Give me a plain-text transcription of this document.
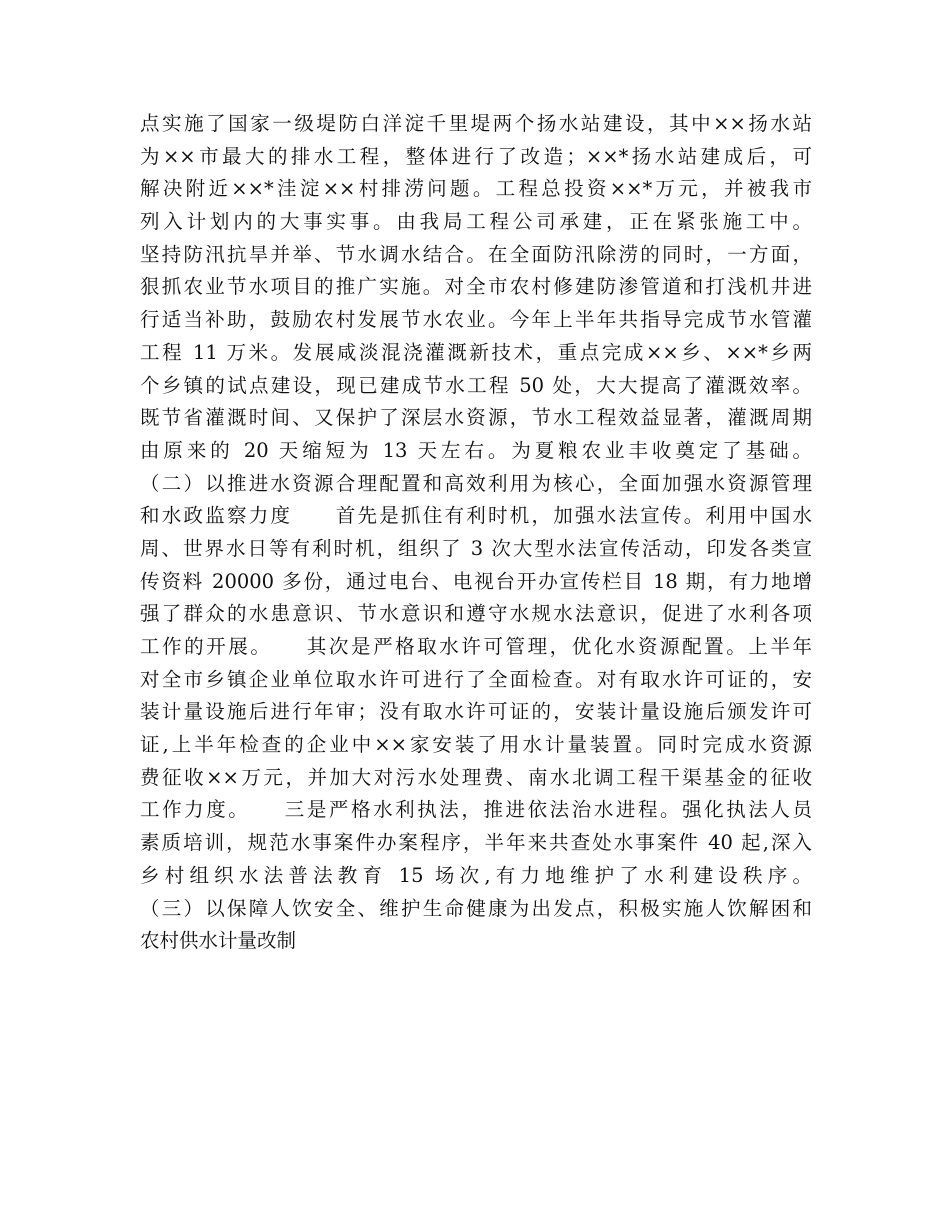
点实施了国家一级堤防白洋淀千里堤两个扬水站建设，其中××扬水站
为××市最大的排水工程，整体进行了改造；××*扬水站建成后，可
解决附近××*洼淀××村排涝问题。工程总投资××*万元，并被我市
列入计划内的大事实事。由我局工程公司承建，正在紧张施工中。
坚持防汛抗旱并举、节水调水结合。在全面防汛除涝的同时，一方面，
狠抓农业节水项目的推广实施。对全市农村修建防渗管道和打浅机井进
行适当补助，鼓励农村发展节水农业。今年上半年共指导完成节水管灌
工程 11 万米。发展咸淡混浇灌溉新技术，重点完成××乡、××*乡两
个乡镇的试点建设，现已建成节水工程 50 处，大大提高了灌溉效率。
既节省灌溉时间、又保护了深层水资源，节水工程效益显著，灌溉周期
由原来的 20 天缩短为 13 天左右。为夏粮农业丰收奠定了基础。
（二）以推进水资源合理配置和高效利用为核心，全面加强水资源管理
和水政监察力度　　首先是抓住有利时机，加强水法宣传。利用中国水
周、世界水日等有利时机，组织了 3 次大型水法宣传活动，印发各类宣
传资料 20000 多份，通过电台、电视台开办宣传栏目 18 期，有力地增
强了群众的水患意识、节水意识和遵守水规水法意识，促进了水利各项
工作的开展。　　其次是严格取水许可管理，优化水资源配置。上半年
对全市乡镇企业单位取水许可进行了全面检查。对有取水许可证的，安
装计量设施后进行年审；没有取水许可证的，安装计量设施后颁发许可
证,上半年检查的企业中××家安装了用水计量装置。同时完成水资源
费征收××万元，并加大对污水处理费、南水北调工程干渠基金的征收
工作力度。　　三是严格水利执法，推进依法治水进程。强化执法人员
素质培训，规范水事案件办案程序，半年来共查处水事案件 40 起,深入
乡村组织水法普法教育 15 场次,有力地维护了水利建设秩序。
（三）以保障人饮安全、维护生命健康为出发点，积极实施人饮解困和
农村供水计量改制
